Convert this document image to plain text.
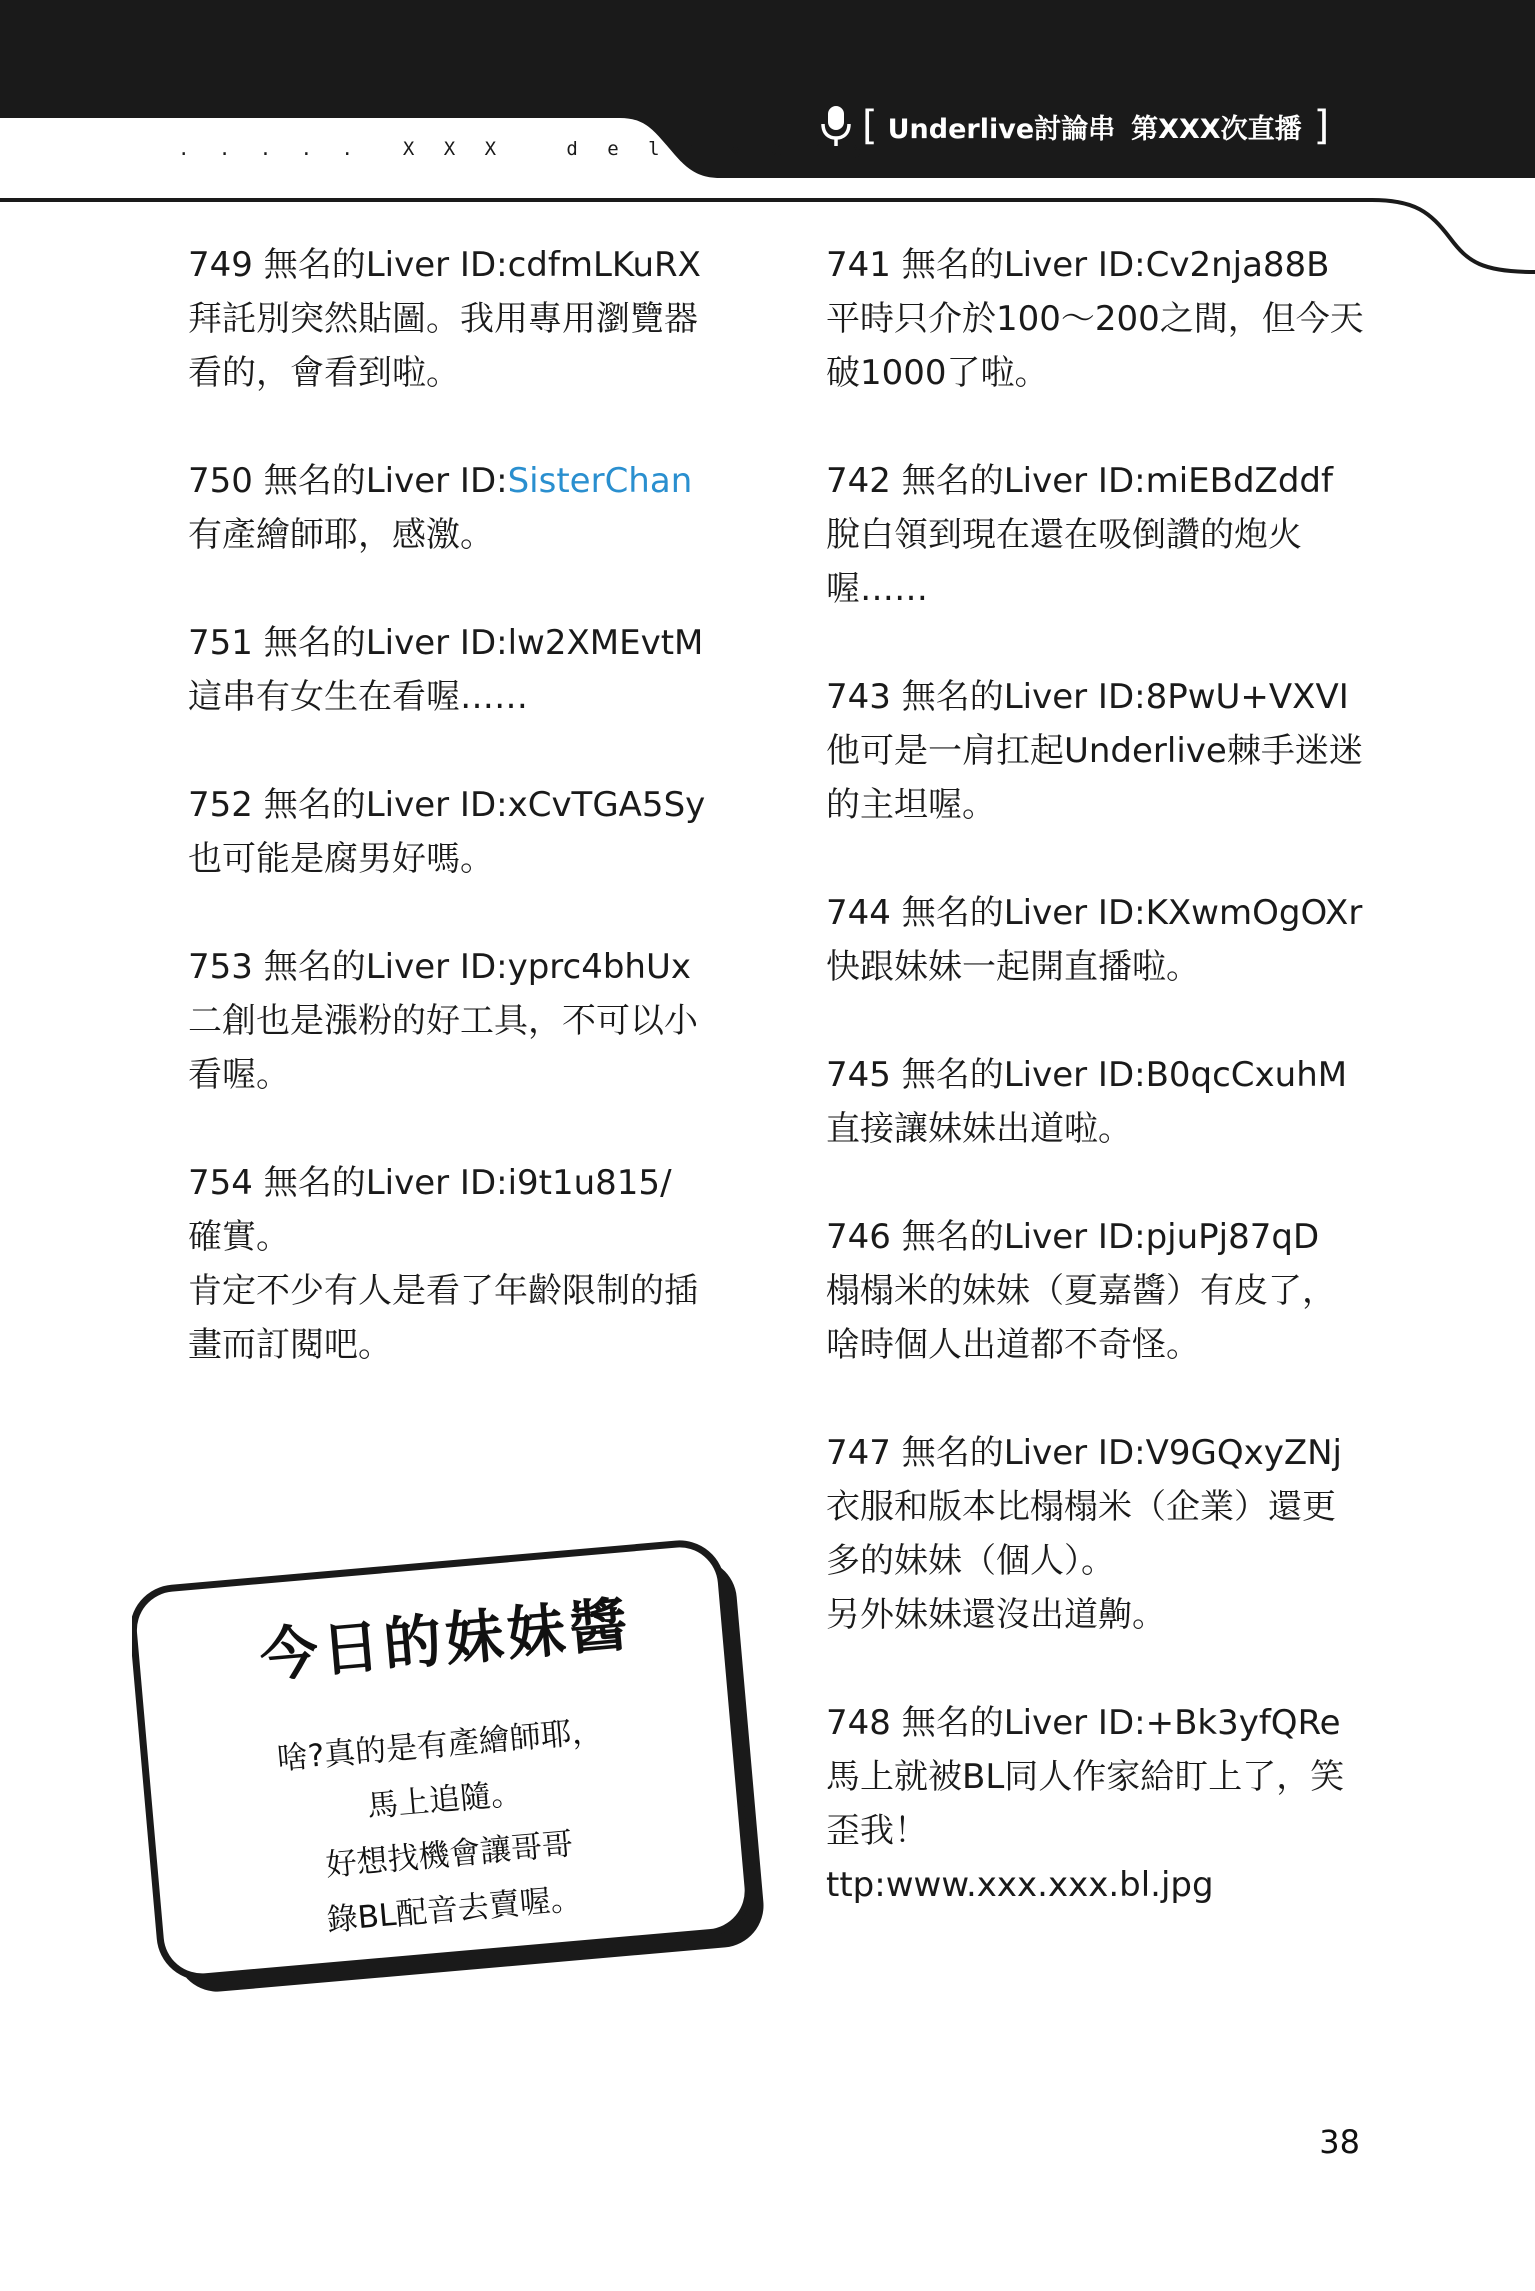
. . . . .  X X X   d e l i v e r y
[ Underlive討論串 第XXX次直播 ]
749 無名的Liver ID:cdfmLKuRX
拜託別突然貼圖。我用專用瀏覽器
看的，會看到啦。
750 無名的Liver ID:SisterChan
有產繪師耶，感激。
751 無名的Liver ID:lw2XMEvtM
這串有女生在看喔……
752 無名的Liver ID:xCvTGA5Sy
也可能是腐男好嗎。
753 無名的Liver ID:yprc4bhUx
二創也是漲粉的好工具，不可以小
看喔。
754 無名的Liver ID:i9t1u815/
確實。
肯定不少有人是看了年齡限制的插
畫而訂閱吧。
741 無名的Liver ID:Cv2nja88B
平時只介於100～200之間，但今天
破1000了啦。
742 無名的Liver ID:miEBdZddf
脫白領到現在還在吸倒讚的炮火
喔……
743 無名的Liver ID:8PwU+VXVI
他可是一肩扛起Underlive棘手迷迷
的主坦喔。
744 無名的Liver ID:KXwmOgOXr
快跟妹妹一起開直播啦。
745 無名的Liver ID:B0qcCxuhM
直接讓妹妹出道啦。
746 無名的Liver ID:pjuPj87qD
榻榻米的妹妹（夏嘉醬）有皮了，
啥時個人出道都不奇怪。
747 無名的Liver ID:V9GQxyZNj
衣服和版本比榻榻米（企業）還更
多的妹妹（個人）。
另外妹妹還沒出道齁。
748 無名的Liver ID:+Bk3yfQRe
馬上就被BL同人作家給盯上了，笑
歪我！
ttp:www.xxx.xxx.bl.jpg
今日的妹妹醬
啥?真的是有產繪師耶，
馬上追隨。
好想找機會讓哥哥
錄BL配音去賣喔。
38
